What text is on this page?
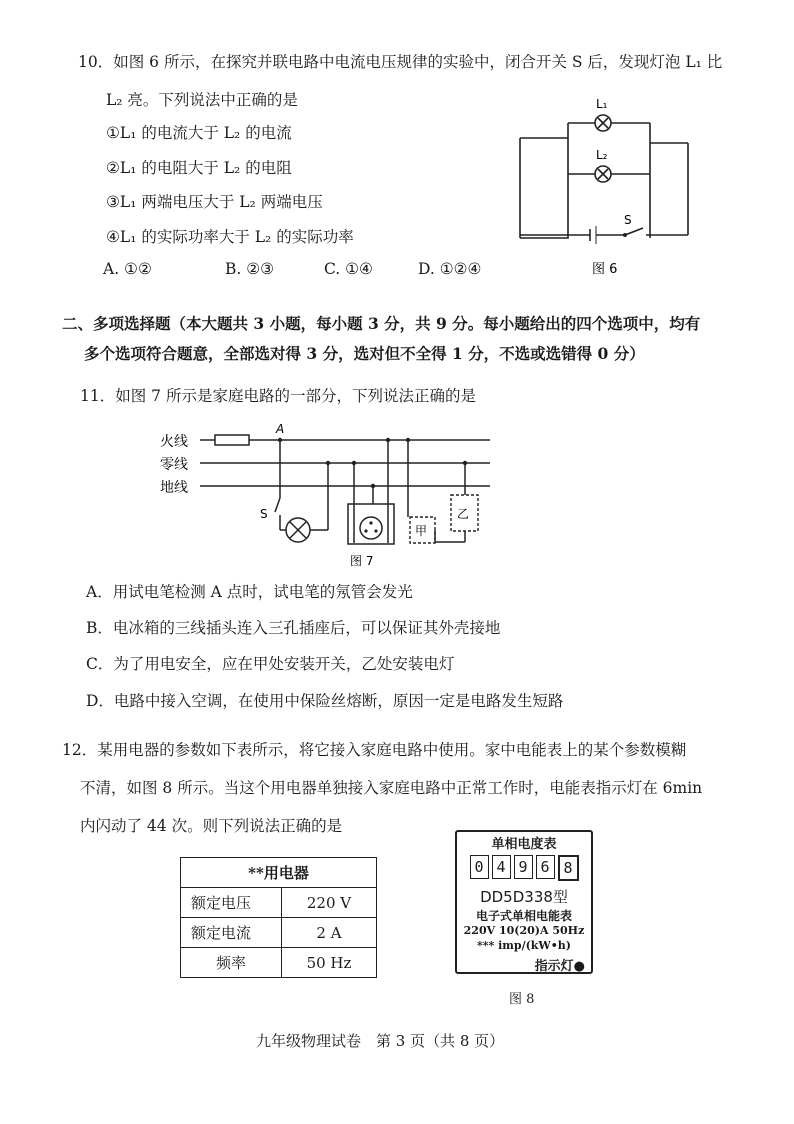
10．如图 6 所示，在探究并联电路中电流电压规律的实验中，闭合开关 S 后，发现灯泡 L₁ 比
L₂ 亮。下列说法中正确的是
①L₁ 的电流大于 L₂ 的电流
②L₁ 的电阻大于 L₂ 的电阻
③L₁ 两端电压大于 L₂ 两端电压
④L₁ 的实际功率大于 L₂ 的实际功率
A. ①②	B. ②③	C. ①④	D. ①②④
L₁
L₂
S
图 6
二、多项选择题（本大题共 3 小题，每小题 3 分，共 9 分。每小题给出的四个选项中，均有
多个选项符合题意，全部选对得 3 分，选对但不全得 1 分，不选或选错得 0 分）
11．如图 7 所示是家庭电路的一部分，下列说法正确的是
火线
零线
地线
A
S
甲
乙
图 7
A．用试电笔检测 A 点时，试电笔的氖管会发光
B．电冰箱的三线插头连入三孔插座后，可以保证其外壳接地
C．为了用电安全，应在甲处安装开关，乙处安装电灯
D．电路中接入空调，在使用中保险丝熔断，原因一定是电路发生短路
12．某用电器的参数如下表所示，将它接入家庭电路中使用。家中电能表上的某个参数模糊
不清，如图 8 所示。当这个用电器单独接入家庭电路中正常工作时，电能表指示灯在 6min
内闪动了 44 次。则下列说法正确的是
**用电器	
额定电压	220 V
额定电流	2 A
频率	50 Hz
单相电度表
0 4 9 6 8
DD5D338型
电子式单相电能表
220V 10(20)A 50Hz
*** imp/(kW•h)
指示灯●
图 8
九年级物理试卷　第 3 页（共 8 页）
